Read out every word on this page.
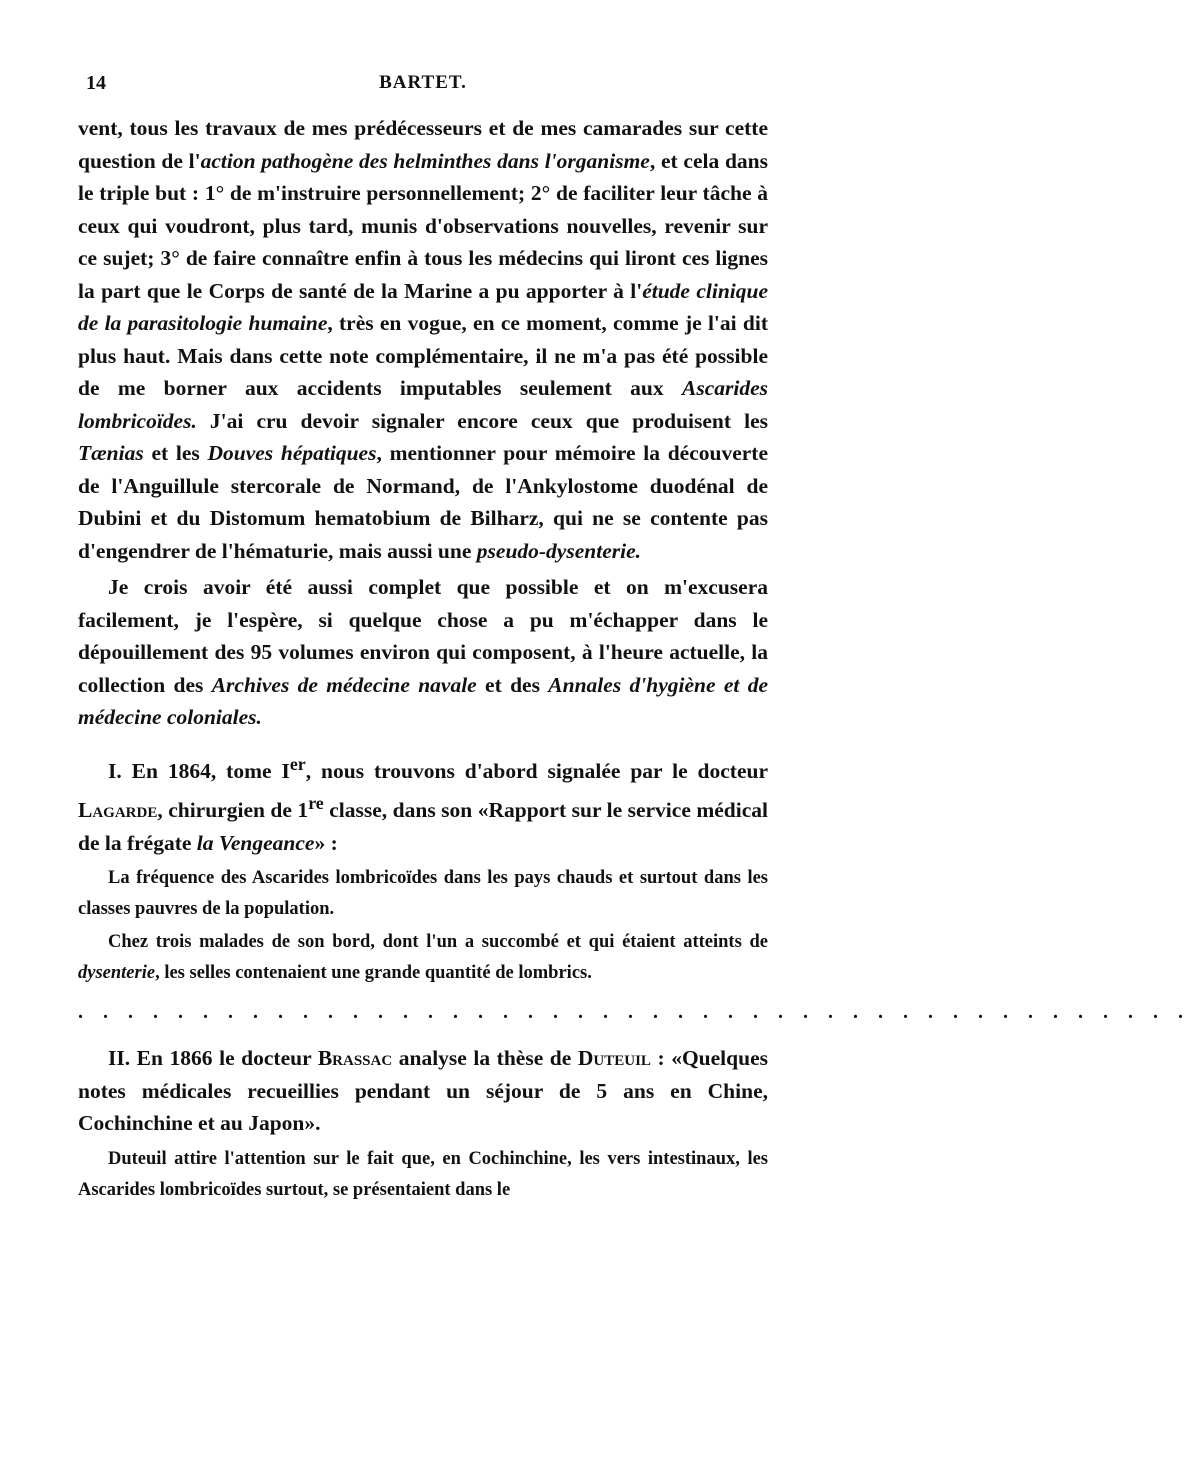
14	BARTET.

vent, tous les travaux de mes prédécesseurs et de mes camarades sur cette question de l'action pathogène des helminthes dans l'organisme, et cela dans le triple but : 1° de m'instruire personnellement; 2° de faciliter leur tâche à ceux qui voudront, plus tard, munis d'observations nouvelles, revenir sur ce sujet; 3° de faire connaître enfin à tous les médecins qui liront ces lignes la part que le Corps de santé de la Marine a pu apporter à l'étude clinique de la parasitologie humaine, très en vogue, en ce moment, comme je l'ai dit plus haut. Mais dans cette note complémentaire, il ne m'a pas été possible de me borner aux accidents imputables seulement aux Ascarides lombricoïdes. J'ai cru devoir signaler encore ceux que produisent les Tænias et les Douves hépatiques, mentionner pour mémoire la découverte de l'Anguillule stercorale de Normand, de l'Ankylostome duodénal de Dubini et du Distomum hematobium de Bilharz, qui ne se contente pas d'engendrer de l'hématurie, mais aussi une pseudo-dysenterie.

Je crois avoir été aussi complet que possible et on m'excusera facilement, je l'espère, si quelque chose a pu m'échapper dans le dépouillement des 95 volumes environ qui composent, à l'heure actuelle, la collection des Archives de médecine navale et des Annales d'hygiène et de médecine coloniales.

I. En 1864, tome Ier, nous trouvons d'abord signalée par le docteur Lagarde, chirurgien de 1re classe, dans son «Rapport sur le service médical de la frégate la Vengeance» :

La fréquence des Ascarides lombricoïdes dans les pays chauds et surtout dans les classes pauvres de la population.

Chez trois malades de son bord, dont l'un a succombé et qui étaient atteints de dysenterie, les selles contenaient une grande quantité de lombrics.

. . . . . . . . . . . . . . . . . . . . . . . . . . . . . . . . . . . . . . . . . . . . .

II. En 1866 le docteur Brassac analyse la thèse de Duteuil : «Quelques notes médicales recueillies pendant un séjour de 5 ans en Chine, Cochinchine et au Japon».

Duteuil attire l'attention sur le fait que, en Cochinchine, les vers intestinaux, les Ascarides lombricoïdes surtout, se présentaient dans le
